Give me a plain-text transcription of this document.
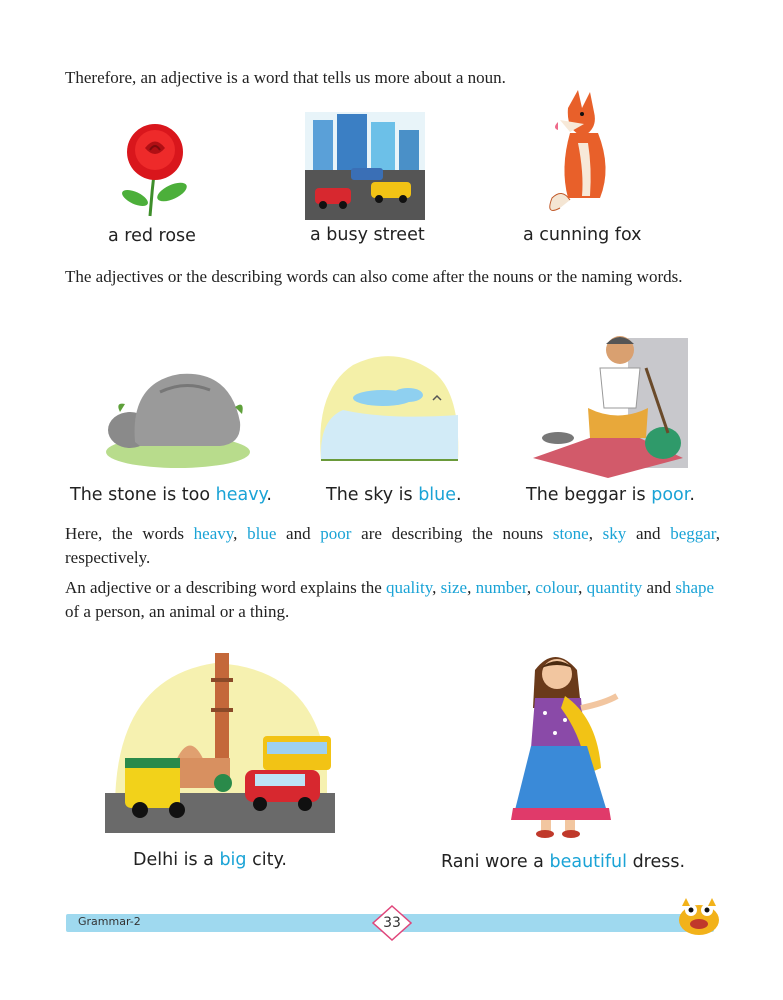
Therefore, an adjective is a word that tells us more about a noun.
a red rose	a busy street	a cunning fox
The adjectives or the describing words can also come after the nouns or the naming words.
The stone is too heavy.	The sky is blue.	The beggar is poor.
Here, the words heavy, blue and poor are describing the nouns stone, sky and beggar, respectively.
An adjective or a describing word explains the quality, size, number, colour, quantity and shape of a person, an animal or a thing.
Delhi is a big city.	Rani wore a beautiful dress.
Grammar-2	33
